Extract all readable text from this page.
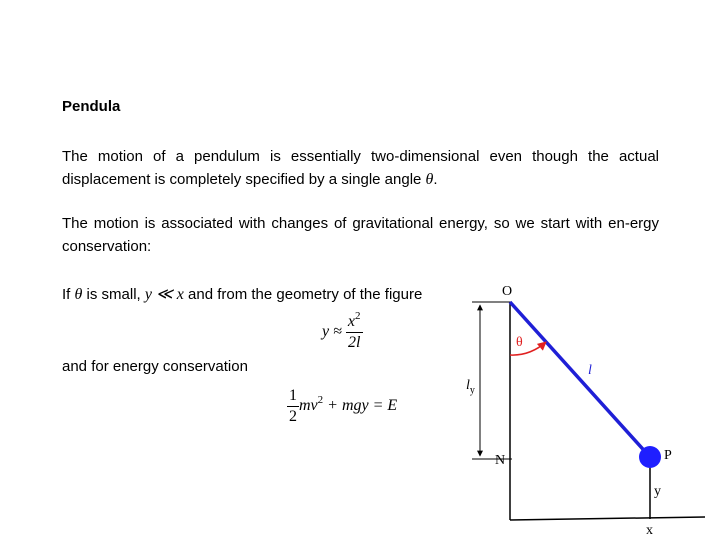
Pendula
The motion of a pendulum is essentially two-dimensional even though the actual displacement is completely specified by a single angle θ.
The motion is associated with changes of gravitational energy, so we start with en-ergy conservation:
If θ is small, y ≪ x and from the geometry of the figure
$y \approx \frac{x^2}{2l}$
and for energy conservation
$\frac{1}{2} mv^2$ + mgy = E
O
θ
l
$l_y$
N	P
y
x
